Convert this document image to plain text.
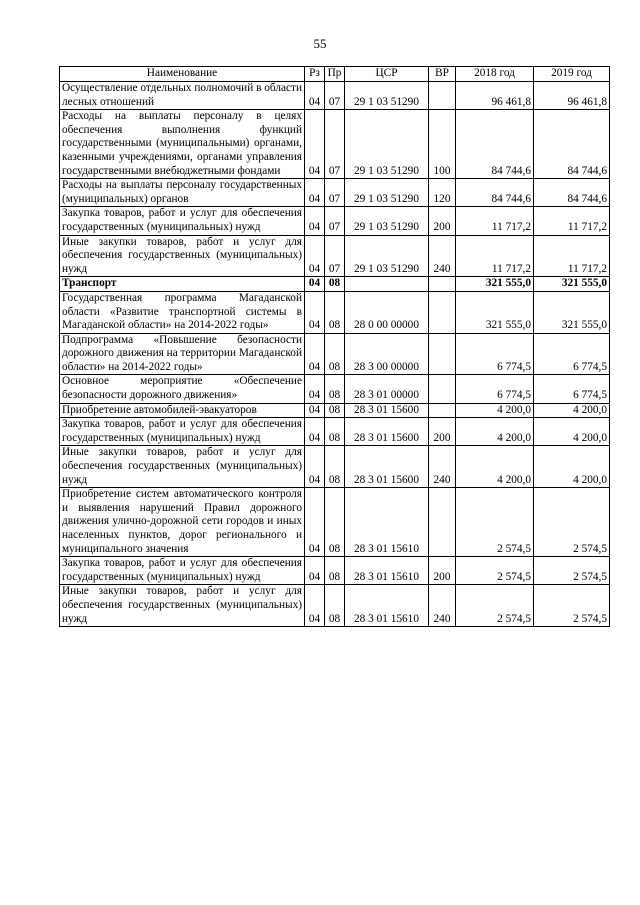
55
Наименование	Рз	Пр	ЦСР	ВР	2018 год	2019 год
Осуществление отдельных полномочий в области лесных отношений	04	07	29 1 03 51290		96 461,8	96 461,8
Расходы на выплаты персоналу в целях обеспечения выполнения функций государственными (муниципальными) органами, казенными учреждениями, органами управления государственными внебюджетными фондами	04	07	29 1 03 51290	100	84 744,6	84 744,6
Расходы на выплаты персоналу государственных (муниципальных) органов	04	07	29 1 03 51290	120	84 744,6	84 744,6
Закупка товаров, работ и услуг для обеспечения государственных (муниципальных) нужд	04	07	29 1 03 51290	200	11 717,2	11 717,2
Иные закупки товаров, работ и услуг для обеспечения государственных (муниципальных) нужд	04	07	29 1 03 51290	240	11 717,2	11 717,2
Транспорт	04	08			321 555,0	321 555,0
Государственная программа Магаданской области «Развитие транспортной системы в Магаданской области» на 2014-2022 годы»	04	08	28 0 00 00000		321 555,0	321 555,0
Подпрограмма «Повышение безопасности дорожного движения на территории Магаданской области» на 2014-2022 годы»	04	08	28 3 00 00000		6 774,5	6 774,5
Основное мероприятие «Обеспечение безопасности дорожного движения»	04	08	28 3 01 00000		6 774,5	6 774,5
Приобретение автомобилей-эвакуаторов	04	08	28 3 01 15600		4 200,0	4 200,0
Закупка товаров, работ и услуг для обеспечения государственных (муниципальных) нужд	04	08	28 3 01 15600	200	4 200,0	4 200,0
Иные закупки товаров, работ и услуг для обеспечения государственных (муниципальных) нужд	04	08	28 3 01 15600	240	4 200,0	4 200,0
Приобретение систем автоматического контроля и выявления нарушений Правил дорожного движения улично-дорожной сети городов и иных населенных пунктов, дорог регионального и муниципального значения	04	08	28 3 01 15610		2 574,5	2 574,5
Закупка товаров, работ и услуг для обеспечения государственных (муниципальных) нужд	04	08	28 3 01 15610	200	2 574,5	2 574,5
Иные закупки товаров, работ и услуг для обеспечения государственных (муниципальных) нужд	04	08	28 3 01 15610	240	2 574,5	2 574,5
